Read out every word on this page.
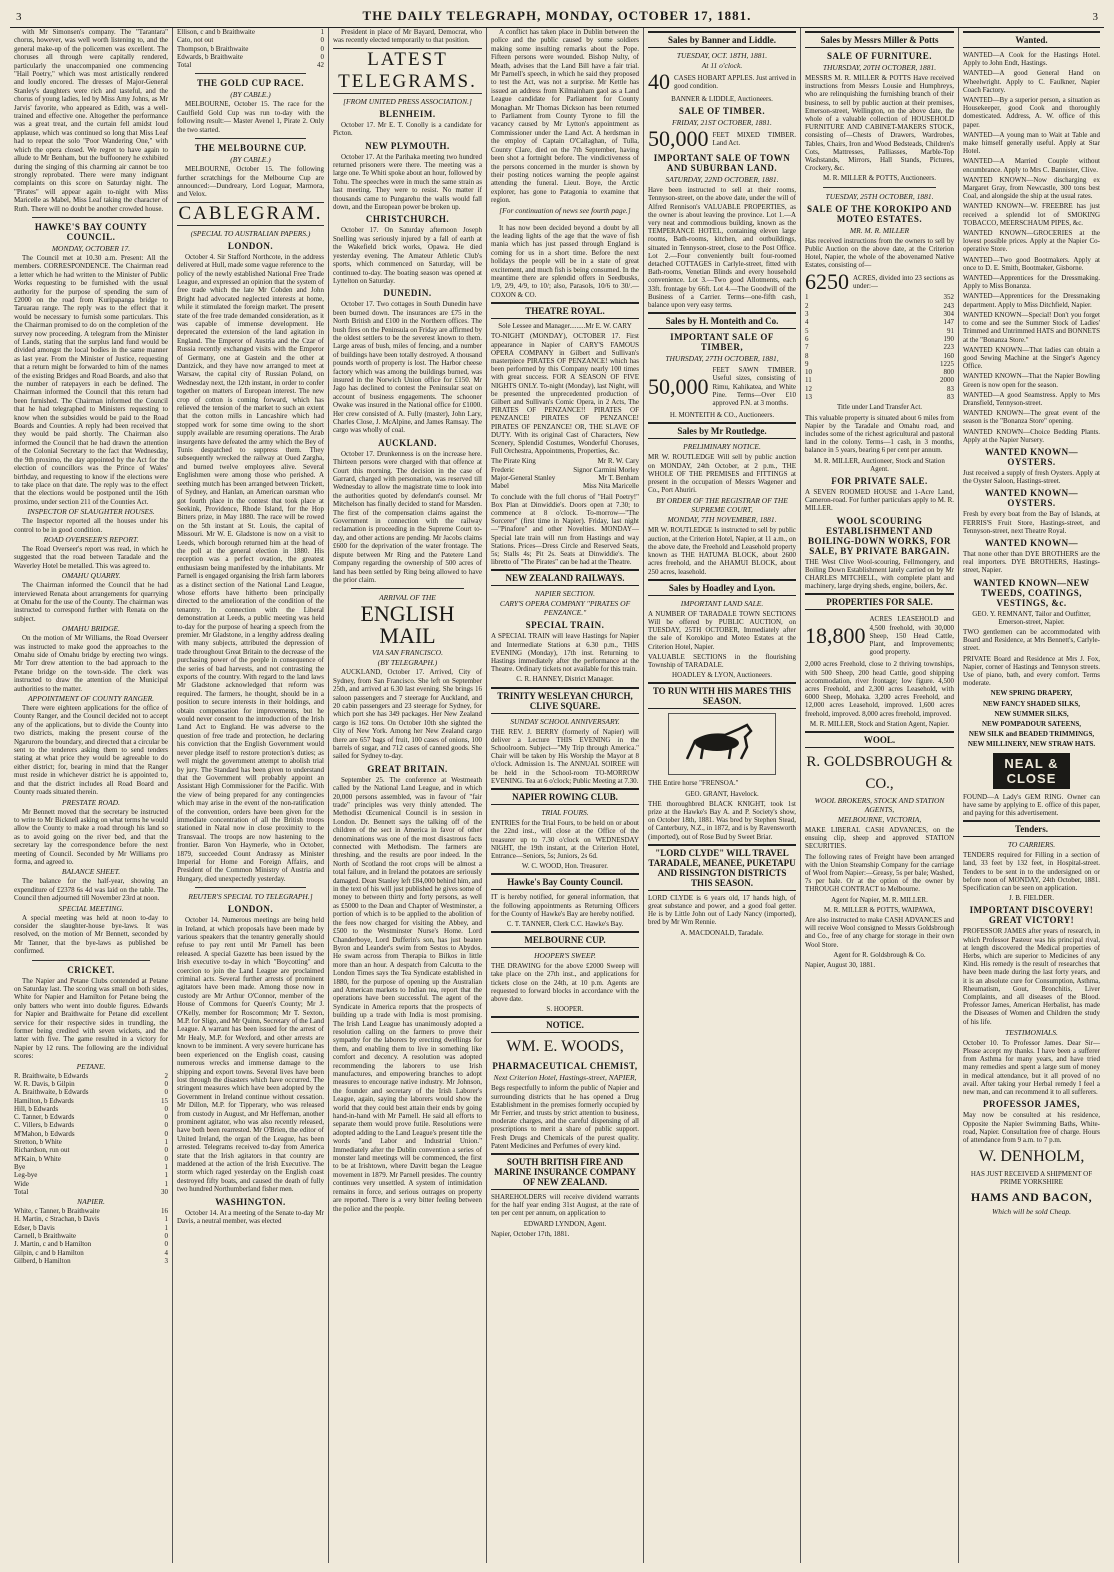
3	THE DAILY TELEGRAPH, MONDAY, OCTOBER 17, 1881.	3

with Mr Simonsen's company. The "Tarantara" chorus, however, was well worth listening to, and the general make-up of the policemen was excellent. The choruses all through were capitally rendered, particularly the unaccompanied one commencing "Hail Poetry," which was most artistically rendered and loudly encored. The dresses of Major-General Stanley's daughters were rich and tasteful, and the chorus of young ladies, led by Miss Amy Johns, as Mr Jarvis' favorite, who appeared as Edith, was a well-trained and effective one. Altogether the performance was a great treat, and the curtain fell amidst loud applause, which was continued so long that Miss Leaf had to repeat the solo "Poor Wandering One," with which the opera closed. We regret to have again to allude to Mr Benham, but the buffoonery he exhibited during the singing of this charming air cannot be too strongly reprobated. There were many indignant complaints on this score on Saturday night. The "Pirates" will appear again to-night with Miss Maricelle as Mabel, Miss Leaf taking the character of Ruth. There will no doubt be another crowded house.

HAWKE'S BAY COUNTY COUNCIL.
MONDAY, OCTOBER 17.

The Council met at 10.30 a.m. Present: All the members. CORRESPONDENCE. The Chairman read a letter which he had written to the Minister of Public Works requesting to be furnished with the usual authority for the purpose of spending the sum of £2000 on the road from Kuripapanga bridge to Taruarau range. The reply was to the effect that it would be necessary to furnish some particulars. This the Chairman promised to do on the completion of the survey now proceeding. A telegram from the Minister of Lands, stating that the surplus land fund would be divided amongst the local bodies in the same manner as last year. From the Minister of Justice, requesting that a return might be forwarded to him of the names of the existing Bridges and Road Boards, and also that the number of ratepayers in each be defined. The Chairman informed the Council that this return had been furnished. The Chairman informed the Council that he had telegraphed to Ministers requesting to know when the subsidies would be paid to the Road Boards and Counties. A reply had been received that they would be paid shortly. The Chairman also informed the Council that he had drawn the attention of the Colonial Secretary to the fact that Wednesday, the 9th proximo, the day appointed by the Act for the election of councillors was the Prince of Wales' birthday, and requesting to know if the elections were to take place on that date. The reply was to the effect that the elections would be postponed until the 16th proximo, under section 211 of the Counties Act.

INSPECTOR OF SLAUGHTER HOUSES.

The Inspector reported all the houses under his control to be in good condition.

ROAD OVERSEER'S REPORT.

The Road Overseer's report was read, in which he suggested that the road between Taradale and the Waverley Hotel be metalled. This was agreed to.

OMAHU QUARRY.

The Chairman informed the Council that he had interviewed Renata about arrangements for quarrying at Omahu for the use of the County. The chairman was instructed to correspond further with Renata on the subject.

OMAHU BRIDGE.

On the motion of Mr Williams, the Road Overseer was instructed to make good the approaches to the Omahu side of Omahu bridge by erecting two wings. Mr Torr drew attention to the bad approach to the Petane bridge on the town-side. The clerk was instructed to draw the attention of the Municipal authorities to the matter.

APPOINTMENT OF COUNTY RANGER.

There were eighteen applications for the office of County Ranger, and the Council decided not to accept any of the applications, but to divide the County into two districts, making the present course of the Ngaruroro the boundary, and directed that a circular be sent to the tenderers asking them to send tenders stating at what price they would be agreeable to do either district; for, bearing in mind that the Ranger must reside in whichever district he is appointed to, and that the district includes all Road Board and County roads situated therein.

PRESTATE ROAD.

Mr Bennett moved that the secretary be instructed to write to Mr Bicknell asking on what terms he would allow the County to make a road through his land so as to avoid going on the river bed, and that the secretary lay the correspondence before the next meeting of Council. Seconded by Mr Williams pro forma, and agreed to.

BALANCE SHEET.

The balance for the half-year, showing an expenditure of £2378 6s 4d was laid on the table. The Council then adjourned till November 23rd at noon.

SPECIAL MEETING.

A special meeting was held at noon to-day to consider the slaughter-house bye-laws. It was resolved, on the motion of Mr Bennett, seconded by Mr Tanner, that the bye-laws as published be confirmed.

CRICKET.

The Napier and Petane Clubs contended at Petane on Saturday last. The scoring was small on both sides, White for Napier and Hamilton for Petane being the only batters who went into double figures. Edwards for Napier and Braithwaite for Petane did excellent service for their respective sides in trundling, the former being credited with seven wickets, and the latter with five. The game resulted in a victory for Napier by 12 runs. The following are the individual scores:

PETANE.
R. Braithwaite, b Edwards	2
W. R. Davis, b Gilpin	0
A. Braithwaite, b Edwards	0
Hamilton, b Edwards	15
Hill, b Edwards	0
C. Tanner, b Edwards	0
C. Villers, b Edwards	0
M'Mahon, b Edwards	0
Stretton, b White	1
Richardson, run out	0
M'Kain, b White	0
Bye	1
Leg-bye	1
Wide	1
Total	30
NAPIER.
White, c Tanner, b Braithwaite	16
H. Martin, c Strachan, b Davis	1
Edser, b Davis	1
Carnell, b Braithwaite	0
J. Martin, c and b Hamilton	0
Gilpin, c and b Hamilton	4
Gilberd, b Hamilton	3
Ellison, c and b Braithwaite	1
Cato, not out	0
Thompson, b Braithwaite	0
Edwards, b Braithwaite	0
Total	42
THE GOLD CUP RACE.
(BY CABLE.)

MELBOURNE, October 15. The race for the Caulfield Gold Cup was run to-day with the following result:— Master Avenel 1, Pirate 2. Only the two started.

THE MELBOURNE CUP.
(BY CABLE.)

MELBOURNE, October 15. The following further scratchings for the Melbourne Cup are announced:—Dundreary, Lord Loguar, Marmora, and Velox.

CABLEGRAM.
(SPECIAL TO AUSTRALIAN PAPERS.)
LONDON.

October 4. Sir Stafford Northcote, in the address delivered at Hull, made some vague reference to the policy of the newly established National Free Trade League, and expressed an opinion that the system of free trade which the late Mr Cobden and John Bright had advocated neglected interests at home, while it stimulated the foreign market. The present state of the free trade demanded consideration, as it was capable of immense development. He deprecated the extension of the land agitation in England. The Emperor of Austria and the Czar of Russia recently exchanged visits with the Emperor of Germany, one at Gastein and the other at Dantzick, and they have now arranged to meet at Warsaw, the capital city of Russian Poland, on Wednesday next, the 12th instant, in order to confer together on matters of European interest. The new crop of cotton is coming forward, which has relieved the tension of the market to such an extent that the cotton mills in Lancashire which had stopped work for some time owing to the short supply available are resuming operations. The Arab insurgents have defeated the army which the Bey of Tunis despatched to suppress them. They subsequently wrecked the railway at Oued Zargha, and burned twelve employees alive. Several Englishmen were among those who perished. A seething mutch has been arranged between Trickett, of Sydney, and Hanlan, an American oarsman who got fourth place in the contest that took place at Seekink, Providence, Rhode Island, for the Hop Bitters prize, in May 1880. The race will be rowed on the 5th instant at St. Louis, the capital of Missouri. Mr W. E. Gladstone is now on a visit to Leeds, which borough returned him at the head of the poll at the general election in 1880. His reception was a perfect ovation, the greatest enthusiasm being manifested by the inhabitants. Mr Parnell is engaged organising the Irish farm laborers as a distinct section of the National Land League, whose efforts have hitherto been principally directed to the amelioration of the condition of the tenantry. In connection with the Liberal demonstration at Leeds, a public meeting was held to-day for the purpose of hearing a speech from the premier. Mr Gladstone, in a lengthy address dealing with many subjects, attributed the depression of trade throughout Great Britain to the decrease of the purchasing power of the people in consequence of the series of bad harvests, and not contrasting the exports of the country. With regard to the land laws Mr Gladstone acknowledged that reform was required. The farmers, he thought, should be in a position to secure interests in their holdings, and obtain compensation for improvements, but he would never consent to the introduction of the Irish Land Act to England. He was adverse to the question of free trade and protection, he declaring his conviction that the English Government would never pledge itself to restore protection's duties; as well might the government attempt to abolish trial by jury. The Standard has been given to understand that the Government will probably appoint an Assistant High Commissioner for the Pacific. With the view of being prepared for any contingencies which may arise in the event of the non-ratification of the convention, orders have been given for the immediate concentration of all the British troops stationed in Natal now in close proximity to the Transvaal. The troops are now hastening to the frontier. Baron Von Haymerle, who in October, 1879, succeeded Count Andrassy as Minister Imperial for Home and Foreign Affairs, and President of the Common Ministry of Austria and Hungary, died unexpectedly yesterday.

REUTER'S SPECIAL TO TELEGRAPH.]
LONDON.

October 14. Numerous meetings are being held in Ireland, at which proposals have been made by various speakers that the tenantry generally should refuse to pay rent until Mr Parnell has been released. A special Gazette has been issued by the Irish executive to-day in which "Boycotting" and coercion to join the Land League are proclaimed criminal acts. Several further arrests of prominent agitators have been made. Among those now in custody are Mr Arthur O'Connor, member of the House of Commons for Queen's County; Mr J. O'Kelly, member for Roscommon; Mr T. Sexton, M.P. for Sligo, and Mr Quinn, Secretary of the Land League. A warrant has been issued for the arrest of Mr Healy, M.P. for Wexford, and other arrests are known to be imminent. A very severe hurricane has been experienced on the English coast, causing numerous wrecks and immense damage to the shipping and export towns. Several lives have been lost through the disasters which have occurred. The stringent measures which have been adopted by the Government in Ireland continue without cessation. Mr Dillon, M.P. for Tipperary, who was released from custody in August, and Mr Heffernan, another prominent agitator, who was also recently released, have both been rearrested. Mr O'Brien, the editor of United Ireland, the organ of the League, has been arrested. Telegrams received to-day from America state that the Irish agitators in that country are maddened at the action of the Irish Executive. The storm which raged yesterday on the English coast destroyed fifty boats, and caused the death of fully two hundred Northumberland fisher men.

WASHINGTON.

October 14. At a meeting of the Senate to-day Mr Davis, a neutral member, was elected

President in place of Mr Bayard, Democrat, who was recently elected temporarily to that position.

LATEST TELEGRAMS.
[FROM UNITED PRESS ASSOCIATION.]
BLENHEIM.

October 17. Mr E. T. Conolly is a candidate for Picton.

NEW PLYMOUTH.

October 17. At the Parihaka meeting two hundred returned prisoners were there. The meeting was a large one. Te Whiti spoke about an hour, followed by Tohu. The speeches were in much the same strain as last meeting. They were to resist. No matter if thousands came to Pungarehu the walls would fall down, and the European power be broken up.

CHRISTCHURCH.

October 17. On Saturday afternoon Joseph Snelling was seriously injured by a fall of earth at the Wakefield brick works, Opawa. He died yesterday evening. The Amateur Athletic Club's sports, which commenced on Saturday, will be continued to-day. The boating season was opened at Lyttelton on Saturday.

DUNEDIN.

October 17. Two cottages in South Dunedin have been burned down. The insurances are £75 in the North British and £100 in the Northern offices. The bush fires on the Peninsula on Friday are affirmed by the oldest settlers to be the severest known to them. Large areas of bush, miles of fencing, and a number of buildings have been totally destroyed. A thousand pounds worth of property is lost. The Harbor cheese factory which was among the buildings burned, was insured in the Norwich Union office for £150. Mr Jago has declined to contest the Peninsular seat on account of business engagements. The schooner Owake was insured in the National office for £1000. Her crew consisted of A. Fully (master), John Lary, Charles Close, J. McAlpine, and James Ramsay. The cargo was wholly of coal.

AUCKLAND.

October 17. Drunkenness is on the increase here. Thirteen persons were charged with that offence at Court this morning. The decision in the case of Garrard, charged with personation, was reserved till Wednesday to allow the magistrate time to look into the authorities quoted by defendant's counsel. Mr Mitchelson has finally decided to stand for Marsden. The first of the compensation claims against the Government in connection with the railway reclamation is proceeding in the Supreme Court to-day, and other actions are pending. Mr Jacobs claims £600 for the deprivation of the water frontage. The dispute between Mr Ring and the Patetere Land Company regarding the ownership of 500 acres of land has been settled by Ring being allowed to have the prior claim.

ARRIVAL OF THE
ENGLISH MAIL
VIA SAN FRANCISCO.
(BY TELEGRAPH.)

AUCKLAND, October 17. Arrived, City of Sydney, from San Francisco. She left on September 25th, and arrived at 6.30 last evening. She brings 16 saloon passengers and 7 steerage for Auckland, and 20 cabin passengers and 23 steerage for Sydney, for which port she has 349 packages. Her New Zealand cargo is 162 tons. On October 10th she sighted the City of New York. Among her New Zealand cargo there are 657 bags of fruit, 100 cases of onions, 100 barrels of sugar, and 712 cases of canned goods. She sailed for Sydney to-day.

GREAT BRITAIN.

September 25. The conference at Westmeath called by the National Land League, and in which 20,000 persons assembled, was in favour of "fair trade" principles was very thinly attended. The Methodist Œcumenical Council is in session in London. Dr. Bennett says the talking off of the children of the sect in America in favor of other denominations was one of the most disastrous facts connected with Methodism. The farmers are threshing, and the results are poor indeed. In the North of Scotland the root crops will be almost a total failure, and in Ireland the potatoes are seriously damaged. Dean Stanley left £84,000 behind him, and in the text of his will just published he gives some of money to between thirty and forty persons, as well as £5000 to the Dean and Chapter of Westminster, a portion of which is to be applied to the abolition of the fees now charged for visiting the Abbey, and £500 to the Westminster Nurse's Home. Lord Chanderboye, Lord Dufferin's son, has just beaten Byron and Leander's swim from Sestos to Abydos. He swam across from Therapia to Bilkos in little more than an hour. A despatch from Calcutta to the London Times says the Tea Syndicate established in 1880, for the purpose of opening up the Australian and American markets to Indian tea, report that the operations have been successful. The agent of the Syndicate in America reports that the prospects of building up a trade with India is most promising. The Irish Land League has unanimously adopted a resolution calling on the farmers to prove their sympathy for the laborers by erecting dwellings for them, and enabling them to live in something like comfort and decency. A resolution was adopted recommending the laborers to use Irish manufactures, and empowering branches to adopt measures to encourage native industry. Mr Johnson, the founder and secretary of the Irish Laborer's League, again, saying the laborers would show the world that they could best attain their ends by going hand-in-hand with Mr Parnell. He said all efforts to separate them would prove futile. Resolutions were adopted adding to the Land League's present title the words "and Labor and Industrial Union." Immediately after the Dublin convention a series of monster land meetings will be commenced, the first to be at Irishtown, where Davitt began the League movement in 1879. Mr Parnell presides. The country continues very unsettled. A system of intimidation remains in force, and serious outrages on property are reported. There is a very bitter feeling between the police and the people.

A conflict has taken place in Dublin between the police and the public caused by some soldiers making some insulting remarks about the Pope. Fifteen persons were wounded. Bishop Nulty, of Meath, advises that the Land Bill have a fair trial. Mr Parnell's speech, in which he said they proposed to test the Act, was not a surprise. Mr Kettle has issued an address from Kilmainham gaol as a Land League candidate for Parliament for County Monaghan. Mr Thomas Dickson has been returned to Parliament from County Tyrone to fill the vacancy caused by Mr Lytton's appointment as Commissioner under the Land Act. A herdsman in the employ of Captain O'Callaghan, of Tulla, County Clare, died on the 7th September, having been shot a fortnight before. The vindictiveness of the persons concerned in the murder is shown by their posting notices warning the people against attending the funeral. Lieut. Boye, the Arctic explorer, has gone to Patagonia to examine that region.

[For continuation of news see fourth page.]

It has now been decided beyond a doubt by all the leading lights of the age that the wave of fish mania which has just passed through England is coming for us in a short time. Before the next holidays the people will be in a state of great excitement, and much fish is being consumed. In the meantime there are splendid offers in Seedbusks, 1/9, 2/9, 4/9, to 10/; also, Parasols, 10/6 to 30/.—COXON & CO.

THEATRE ROYAL.
Sole Lessee and Manager.........Mr E. W. CARY
TO-NIGHT (MONDAY), OCTOBER 17. First appearance in Napier of CARY'S FAMOUS OPERA COMPANY in Gilbert and Sullivan's masterpiece PIRATES OF PENZANCE! which has been performed by this Company nearly 100 times with great success. FOR A SEASON OF FIVE NIGHTS ONLY. To-night (Monday), last Night, will be presented the unprecedented production of Gilbert and Sullivan's Comic Opera, in 2 Acts, The PIRATES OF PENZANCE!! PIRATES OF PENZANCE! PIRATES OF PENZANCE! PIRATES OF PENZANCE! OR, THE SLAVE OF DUTY. With its original Cast of Characters, New Scenery, Splendid Costumes, Wonderful Choruses, Full Orchestra, Appointments, Properties, &c.
The Pirate King	Mr R. W. Cary
Frederic	Signor Carmini Morley
Major-General Stanley	Mr T. Benham
Mabel	Miss Nita Maricelle
To conclude with the full chorus of "Hail Poetry!" Box Plan at Dinwiddie's. Doors open at 7.30; to commence at 8 o'clock. To-morrow—"The Sorcerer" (first time in Napier). Friday, last night—"Pinafore" and other Novelties. MONDAY—Special late train will run from Hastings and way Stations. Prices—Dress Circle and Reserved Seats, 5s; Stalls 4s; Pit 2s. Seats at Dinwiddie's. The libretto of "The Pirates" can be had at the Theatre.
NEW ZEALAND RAILWAYS.
NAPIER SECTION.
CARY'S OPERA COMPANY "PIRATES OF PENZANCE."
SPECIAL TRAIN.
A SPECIAL TRAIN will leave Hastings for Napier and Intermediate Stations at 6.30 p.m., THIS EVENING (Monday), 17th inst. Returning to Hastings immediately after the performance at the Theatre. Ordinary tickets not available for this train.
C. R. HANNEY, District Manager.
TRINITY WESLEYAN CHURCH, CLIVE SQUARE.
SUNDAY SCHOOL ANNIVERSARY.
THE REV. J. BERRY (formerly of Napier) will deliver a Lecture THIS EVENING in the Schoolroom. Subject—"My Trip through America." Chair will be taken by His Worship the Mayor at 8 o'clock. Admission 1s. The ANNUAL SOIREE will be held in the School-room TO-MORROW EVENING. Tea at 6 o'clock; Public Meeting at 7.30.
NAPIER ROWING CLUB.
TRIAL FOURS.
ENTRIES for the Trial Fours, to be held on or about the 22nd inst., will close at the Office of the treasurer up to 7.30 o'clock on WEDNESDAY NIGHT, the 19th instant, at the Criterion Hotel, Entrance—Seniors, 5s; Juniors, 2s 6d.
W. C. WOOD, Hon. Treasurer.
Hawke's Bay County Council.
IT is hereby notified, for general information, that the following appointments as Returning Officers for the County of Hawke's Bay are hereby notified.
C. T. TANNER, Clerk C.C. Hawke's Bay.
MELBOURNE CUP.
HOOPER'S SWEEP.
THE DRAWING for the above £2000 Sweep will take place on the 27th inst., and applications for tickets close on the 24th, at 10 p.m. Agents are requested to forward blocks in accordance with the above date.
S. HOOPER.
NOTICE.
WM. E. WOODS,
PHARMACEUTICAL CHEMIST,
Next Criterion Hotel, Hastings-street, NAPIER,
Begs respectfully to inform the public of Napier and surrounding districts that he has opened a Drug Establishment in the premises formerly occupied by Mr Ferrier, and trusts by strict attention to business, moderate charges, and the careful dispensing of all prescriptions to merit a share of public support. Fresh Drugs and Chemicals of the purest quality. Patent Medicines and Perfumes of every kind.
SOUTH BRITISH FIRE AND MARINE INSURANCE COMPANY OF NEW ZEALAND.
SHAREHOLDERS will receive dividend warrants for the half year ending 31st August, at the rate of ten per cent per annum, on application to
EDWARD LYNDON, Agent.
Napier, October 17th, 1881.
Sales by Banner and Liddle.
TUESDAY, OCT. 18TH, 1881.
At 11 o'clock.
40 CASES HOBART APPLES. Just arrived in good condition.
BANNER & LIDDLE, Auctioneers.
SALE OF TIMBER.
FRIDAY, 21ST OCTOBER, 1881.
50,000 FEET MIXED TIMBER. Land Act.
IMPORTANT SALE OF TOWN AND SUBURBAN LAND.
SATURDAY, 22ND OCTOBER, 1881.
Have been instructed to sell at their rooms, Tennyson-street, on the above date, under the will of Alfred Rennison's VALUABLE PROPERTIES, as the owner is about leaving the province. Lot 1.—A very neat and commodious building, known as the TEMPERANCE HOTEL, containing eleven large rooms, Bath-rooms, kitchen, and outbuildings, situated in Tennyson-street, close to the Post Office. Lot 2.—Four conveniently built four-roomed detached COTTAGES in Carlyle-street, fitted with Bath-rooms, Venetian Blinds and every household convenience. Lot 3.—Two good Allotments, each 33ft. frontage by 66ft. Lot 4.—The Goodwill of the Business of a Carrier. Terms—one-fifth cash, balance upon very easy terms.
Sales by H. Monteith and Co.
IMPORTANT SALE OF TIMBER,
THURSDAY, 27TH OCTOBER, 1881,
50,000
FEET SAWN TIMBER. Useful sizes, consisting of Rimu, Kahikatea, and White Pine. Terms—Over £10 approved P.N. at 3 months.
H. MONTEITH & CO., Auctioneers.
Sales by Mr Routledge.
PRELIMINARY NOTICE.
MR W. ROUTLEDGE Will sell by public auction on MONDAY, 24th October, at 2 p.m., THE WHOLE OF THE PREMISES and FITTINGS at present in the occupation of Messrs Wagener and Co., Port Ahuriri.
BY ORDER OF THE REGISTRAR OF THE SUPREME COURT,
MONDAY, 7TH NOVEMBER, 1881.
MR W. ROUTLEDGE Is instructed to sell by public auction, at the Criterion Hotel, Napier, at 11 a.m., on the above date, the Freehold and Leasehold property known as THE HATUMA BLOCK, about 2600 acres freehold, and the AHAMUI BLOCK, about 250 acres, leasehold.
Sales by Hoadley and Lyon.
IMPORTANT LAND SALE.
A NUMBER OF TARADALE TOWN SECTIONS Will be offered by PUBLIC AUCTION, on TUESDAY, 25TH OCTOBER, Immediately after the sale of Korokipo and Moteo Estates at the Criterion Hotel, Napier.
VALUABLE SECTIONS in the flourishing Township of TARADALE.
HOADLEY & LYON, Auctioneers.
TO RUN WITH HIS MARES THIS SEASON.
THE Entire horse "FRENSOA."
GEO. GRANT, Havelock.
THE thoroughbred BLACK KNIGHT, took 1st prize at the Hawke's Bay A. and P. Society's show, on October 18th, 1881. Was bred by Stephen Stead, of Canterbury, N.Z., in 1872, and is by Ravensworth (imported), out of Rose Bud by Sweet Briar.
"LORD CLYDE" WILL TRAVEL TARADALE, MEANEE, PUKETAPU AND RISSINGTON DISTRICTS THIS SEASON.
LORD CLYDE is 6 years old, 17 hands high, of great substance and power, and a good foal getter. He is by Little John out of Lady Nancy (imported), bred by Mr Wm Rennie.
A. MACDONALD, Taradale.
Sales by Messrs Miller & Potts
SALE OF FURNITURE.
THURSDAY, 20TH OCTOBER, 1881.
MESSRS M. R. MILLER & POTTS Have received instructions from Messrs Lousie and Humphreys, who are relinquishing the furnishing branch of their business, to sell by public auction at their premises, Emerson-street, Wellington, on the above date, the whole of a valuable collection of HOUSEHOLD FURNITURE AND CABINET-MAKERS STOCK, consisting of—Chests of Drawers, Wardrobes, Tables, Chairs, Iron and Wood Bedsteads, Children's Cots, Mattresses, Palliasses, Marble-Top Washstands, Mirrors, Hall Stands, Pictures, Crockery, &c.
M. R. MILLER & POTTS, Auctioneers.
TUESDAY, 25TH OCTOBER, 1881.
SALE OF THE KOROKIPO AND MOTEO ESTATES.
MR. M. R. MILLER
Has received instructions from the owners to sell by Public Auction on the above date, at the Criterion Hotel, Napier, the whole of the abovenamed Native Estates, consisting of—
6250 ACRES, divided into 23 sections as under:—
1	352
2	243
3	304
4	147
5	91
6	190
7	223
8	160
9	1225
10	800
11	2000
12	83
13	83
Title under Land Transfer Act.
This valuable property is situated about 6 miles from Napier by the Taradale and Omahu road, and includes some of the richest agricultural and pastoral land in the colony. Terms—1 cash, in 3 months, balance in 5 years, bearing 6 per cent per annum.
M. R. MILLER, Auctioneer, Stock and Station Agent.
FOR PRIVATE SALE.
A SEVEN ROOMED HOUSE and 1-Acre Land, Cameron-road. For further particulars apply to M. R. MILLER.
WOOL SCOURING ESTABLISHMENT AND BOILING-DOWN WORKS, FOR SALE, BY PRIVATE BARGAIN.
THE West Clive Wool-scouring, Fellmongery, and Boiling Down Establishment lately carried on by Mr CHARLES MITCHELL, with complete plant and machinery, large drying sheds, engine, boilers, &c.
PROPERTIES FOR SALE.
18,800
ACRES LEASEHOLD and 4,500 freehold, with 30,000 Sheep, 150 Head Cattle, Plant, and Improvements; good property.
2,000 acres Freehold, close to 2 thriving townships, with 500 Sheep, 200 head Cattle, good shipping accommodation, river frontage; low figure. 4,500 acres Freehold, and 2,300 acres Leasehold, with 6000 Sheep, Mohaka. 3,200 acres Freehold, and 12,000 acres Leasehold, improved. 1,600 acres freehold, improved. 8,000 acres freehold, improved.
M. R. MILLER, Stock and Station Agent, Napier.
WOOL.
R. GOLDSBROUGH & CO.,
WOOL BROKERS, STOCK AND STATION AGENTS,
MELBOURNE, VICTORIA,
MAKE LIBERAL CASH ADVANCES, on the ensuing clip, sheep and approved STATION SECURITIES.
The following rates of Freight have been arranged with the Union Steamship Company for the carriage of Wool from Napier:—Greasy, 5s per bale; Washed, 7s per bale. Or at the option of the owner by THROUGH CONTRACT to Melbourne.
Agent for Napier, M. R. MILLER.
M. R. MILLER & POTTS, WAIPAWA,
Are also instructed to make CASH ADVANCES and will receive Wool consigned to Messrs Goldsbrough and Co., free of any charge for storage in their own Wool Store.
Agent for R. Goldsbrough & Co.
Napier, August 30, 1881.
Wanted.
WANTED—A Cook for the Hastings Hotel. Apply to John Endt, Hastings.
WANTED—A good General Hand on Wheelwright. Apply to C. Faulkner, Napier Coach Factory.
WANTED—By a superior person, a situation as Housekeeper, good Cook and thoroughly domesticated. Address, A. W. office of this paper.
WANTED—A young man to Wait at Table and make himself generally useful. Apply at Star Hotel.
WANTED—A Married Couple without encumbrance. Apply to Mrs C. Bannister, Clive.
WANTED KNOWN—Now discharging ex Margaret Gray, from Newcastle, 300 tons best Coal, and alongside the ship at the usual rates.
WANTED KNOWN—W. FREEBRE has just received a splendid lot of SMOKING TOBACCO, MEERSCHAUM PIPES, &c.
WANTED KNOWN—GROCERIES at the lowest possible prices. Apply at the Napier Co-operative Store.
WANTED—Two good Bootmakers. Apply at once to D. E. Smith, Bootmaker, Gisborne.
WANTED—Apprentices for the Dressmaking. Apply to Miss Bonanza.
WANTED—Apprentices for the Dressmaking department. Apply to Miss Ditchfield, Napier.
WANTED KNOWN—Special! Don't you forget to come and see the Summer Stock of Ladies' Trimmed and Untrimmed HATS and BONNETS at the "Bonanza Store."
WANTED KNOWN—That ladies can obtain a good Sewing Machine at the Singer's Agency Office.
WANTED KNOWN—That the Napier Bowling Green is now open for the season.
WANTED—A good Seamstress. Apply to Mrs Dransfield, Tennyson-street.
WANTED KNOWN—The great event of the season is the "Bonanza Store" opening.
WANTED KNOWN—Choice Bedding Plants. Apply at the Napier Nursery.
WANTED KNOWN—OYSTERS.
Just received a supply of fresh Oysters. Apply at the Oyster Saloon, Hastings-street.
WANTED KNOWN—OYSTERS.
Fresh by every boat from the Bay of Islands, at FERRIS'S Fruit Store, Hastings-street, and Tennyson-street, next Theatre Royal.
WANTED KNOWN—
That none other than DYE BROTHERS are the real importers. DYE BROTHERS, Hastings-street, Napier.
WANTED KNOWN—NEW TWEEDS, COATINGS, VESTINGS, &c.
GEO. Y. REMNANT, Tailor and Outfitter, Emerson-street, Napier.
TWO gentlemen can be accommodated with Board and Residence, at Mrs Bennett's, Carlyle-street.
PRIVATE Board and Residence at Mrs J. Fox, Napier, corner of Hastings and Tennyson streets. Use of piano, bath, and every comfort. Terms moderate.
NEW SPRING DRAPERY,
NEW FANCY SHADED SILKS,
NEW SUMMER SILKS,
NEW POMPADOUR SATEENS,
NEW SILK and BEADED TRIMMINGS,
NEW MILLINERY, NEW STRAW HATS.
NEAL & CLOSE
FOUND—A Lady's GEM RING. Owner can have same by applying to E. office of this paper, and paying for this advertisement.
Tenders.
TO CARRIERS.
TENDERS required for Filling in a section of land, 33 feet by 132 feet, in Hospital-street. Tenders to be sent in to the undersigned on or before noon of MONDAY, 24th October, 1881. Specification can be seen on application.
J. B. FIELDER.
IMPORTANT DISCOVERY! GREAT VICTORY!
PROFESSOR JAMES after years of research, in which Professor Pasteur was his principal rival, at length discovered the Medical properties of Herbs, which are superior to Medicines of any Kind. His remedy is the result of researches that have been made during the last forty years, and it is an absolute cure for Consumption, Asthma, Rheumatism, Gout, Bronchitis, Liver Complaints, and all diseases of the Blood. Professor James, American Herbalist, has made the Diseases of Women and Children the study of his life.
TESTIMONIALS.
October 10. To Professor James. Dear Sir—Please accept my thanks. I have been a sufferer from Asthma for many years, and have tried many remedies and spent a large sum of money in medical attendance, but it all proved of no avail. After taking your Herbal remedy I feel a new man, and can recommend it to all sufferers.
PROFESSOR JAMES,
May now be consulted at his residence, Opposite the Napier Swimming Baths, White-road, Napier. Consultation free of charge. Hours of attendance from 9 a.m. to 7 p.m.
W. DENHOLM,
HAS JUST RECEIVED A SHIPMENT OF PRIME YORKSHIRE
HAMS AND BACON,
Which will be sold Cheap.
